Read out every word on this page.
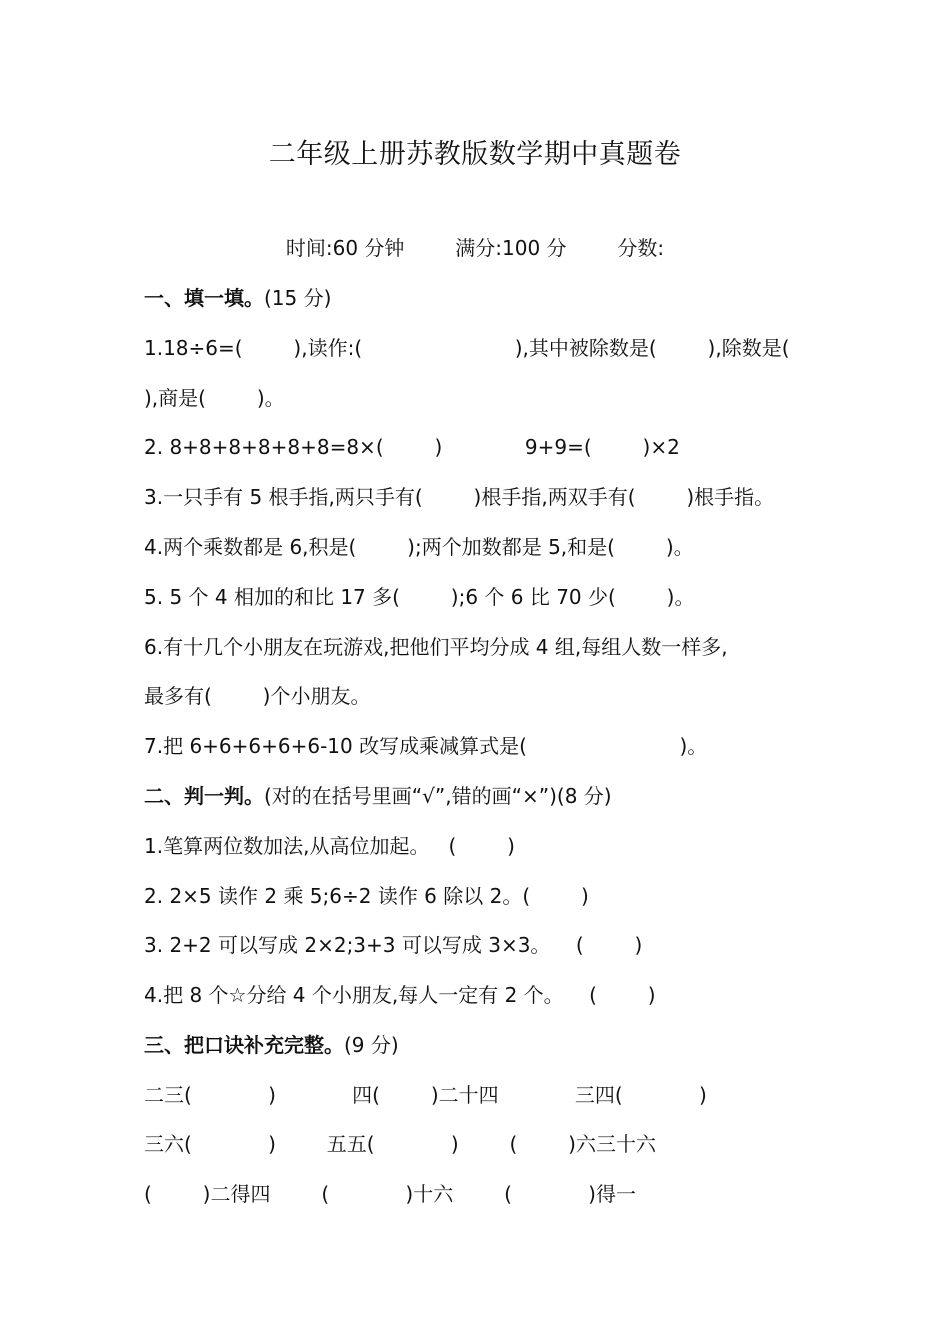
二年级上册苏教版数学期中真题卷
时间:60 分钟        满分:100 分        分数:
一、填一填。(15 分)
1.18÷6=(        ),读作:(                        ),其中被除数是(        ),除数是(
),商是(        )。
2. 8+8+8+8+8+8=8×(        )             9+9=(        )×2
3.一只手有 5 根手指,两只手有(        )根手指,两双手有(        )根手指。
4.两个乘数都是 6,积是(        );两个加数都是 5,和是(        )。
5. 5 个 4 相加的和比 17 多(        );6 个 6 比 70 少(        )。
6.有十几个小朋友在玩游戏,把他们平均分成 4 组,每组人数一样多,
最多有(        )个小朋友。
7.把 6+6+6+6+6-10 改写成乘减算式是(                        )。
二、判一判。(对的在括号里画“√”,错的画“×”)(8 分)
1.笔算两位数加法,从高位加起。   (        )
2. 2×5 读作 2 乘 5;6÷2 读作 6 除以 2。(        )
3. 2+2 可以写成 2×2;3+3 可以写成 3×3。    (        )
4.把 8 个☆分给 4 个小朋友,每人一定有 2 个。    (        )
三、把口诀补充完整。(9 分)
二三(            )            四(        )二十四            三四(            )
三六(            )        五五(            )        (        )六三十六
(        )二得四        (            )十六        (            )得一
